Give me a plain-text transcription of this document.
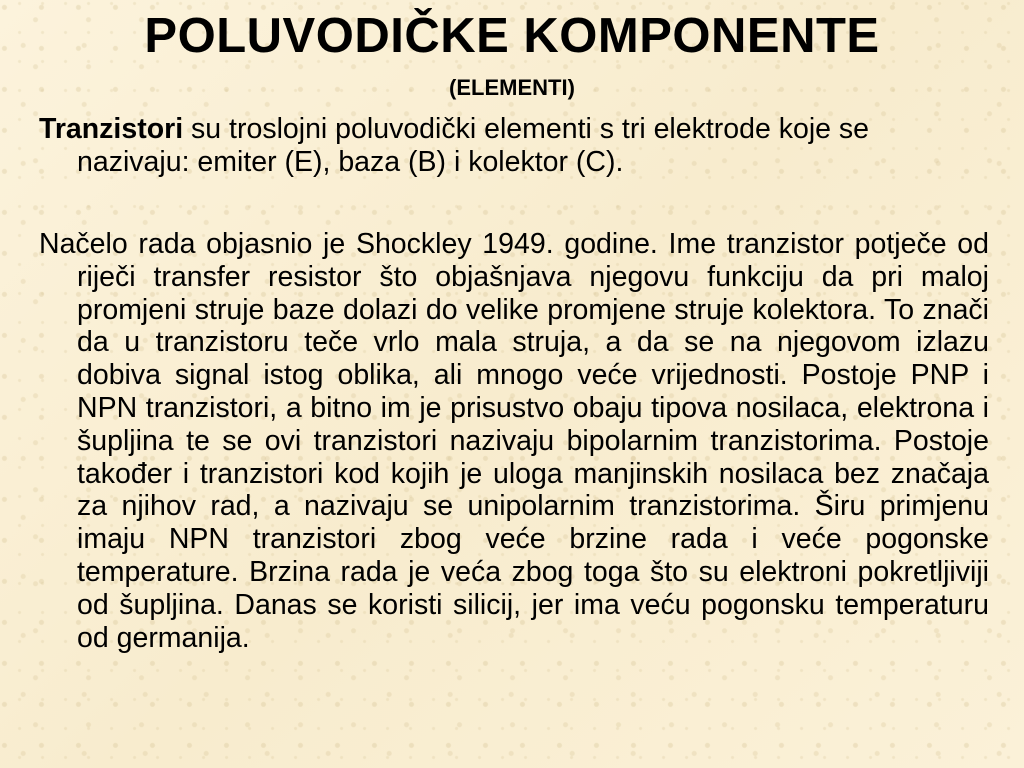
POLUVODIČKE KOMPONENTE
(ELEMENTI)
Tranzistori su troslojni poluvodički elementi s tri elektrode koje se nazivaju: emiter (E), baza (B) i kolektor (C).
Načelo rada objasnio je Shockley 1949. godine. Ime tranzistor potječe od riječi transfer resistor što objašnjava njegovu funkciju da pri maloj promjeni struje baze dolazi do velike promjene struje kolektora. To znači da u tranzistoru teče vrlo mala struja, a da se na njegovom izlazu dobiva signal istog oblika, ali mnogo veće vrijednosti. Postoje PNP i NPN tranzistori, a bitno im je prisustvo obaju tipova nosilaca, elektrona i šupljina te se ovi tranzistori nazivaju bipolarnim tranzistorima. Postoje također i tranzistori kod kojih je uloga manjinskih nosilaca bez značaja za njihov rad, a nazivaju se unipolarnim tranzistorima. Širu primjenu imaju NPN tranzistori zbog veće brzine rada i veće pogonske temperature. Brzina rada je veća zbog toga što su elektroni pokretljiviji od šupljina. Danas se koristi silicij, jer ima veću pogonsku temperaturu od germanija.
